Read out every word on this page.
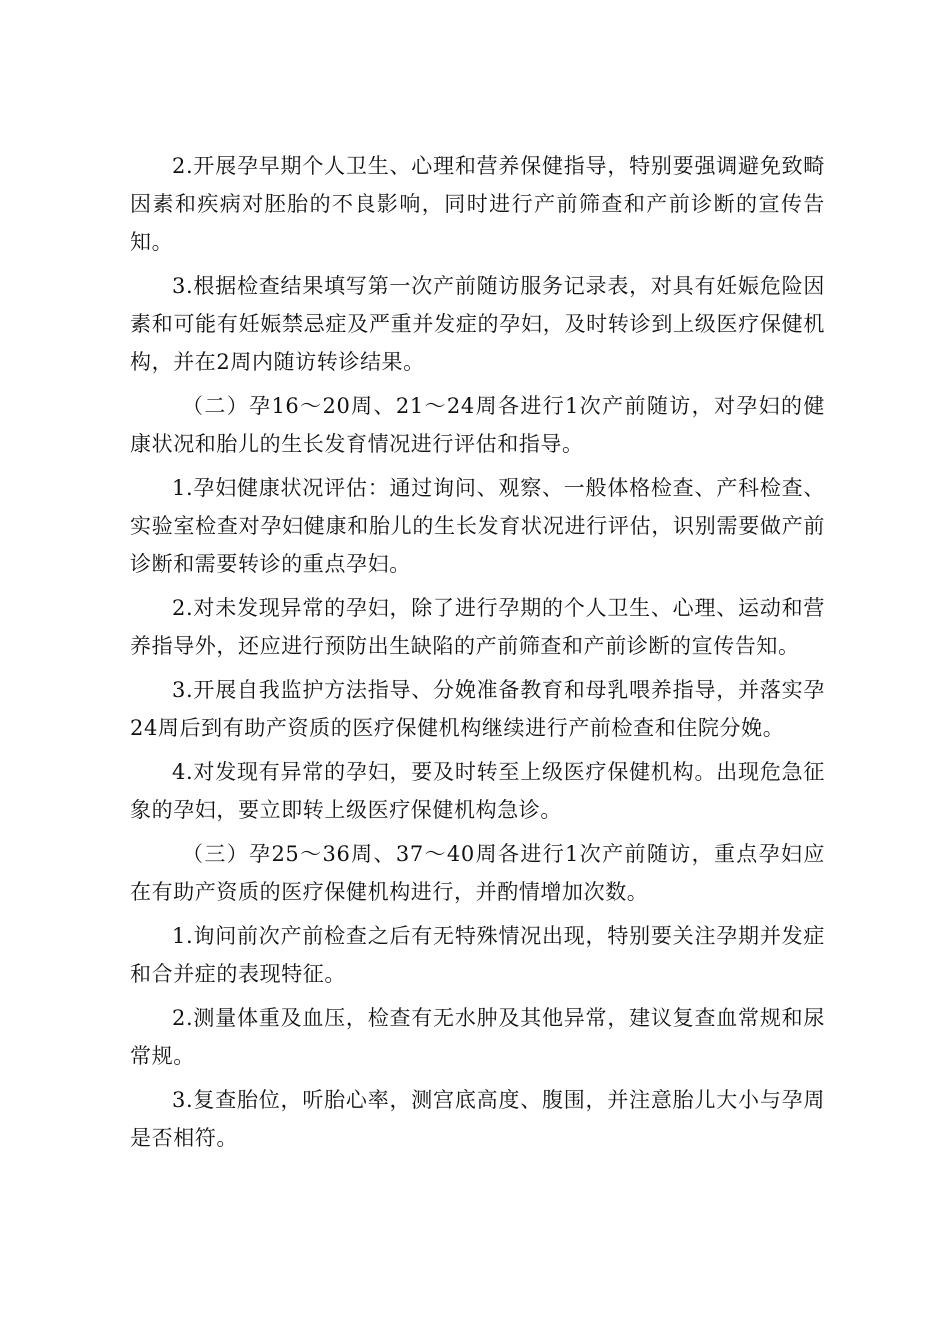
2.开展孕早期个人卫生、心理和营养保健指导，特别要强调避免致畸因素和疾病对胚胎的不良影响，同时进行产前筛查和产前诊断的宣传告知。

3.根据检查结果填写第一次产前随访服务记录表，对具有妊娠危险因素和可能有妊娠禁忌症及严重并发症的孕妇，及时转诊到上级医疗保健机构，并在2周内随访转诊结果。

（二）孕16～20周、21～24周各进行1次产前随访，对孕妇的健康状况和胎儿的生长发育情况进行评估和指导。

1.孕妇健康状况评估：通过询问、观察、一般体格检查、产科检查、实验室检查对孕妇健康和胎儿的生长发育状况进行评估，识别需要做产前诊断和需要转诊的重点孕妇。

2.对未发现异常的孕妇，除了进行孕期的个人卫生、心理、运动和营养指导外，还应进行预防出生缺陷的产前筛查和产前诊断的宣传告知。

3.开展自我监护方法指导、分娩准备教育和母乳喂养指导，并落实孕24周后到有助产资质的医疗保健机构继续进行产前检查和住院分娩。

4.对发现有异常的孕妇，要及时转至上级医疗保健机构。出现危急征象的孕妇，要立即转上级医疗保健机构急诊。

（三）孕25～36周、37～40周各进行1次产前随访，重点孕妇应在有助产资质的医疗保健机构进行，并酌情增加次数。

1.询问前次产前检查之后有无特殊情况出现，特别要关注孕期并发症和合并症的表现特征。

2.测量体重及血压，检查有无水肿及其他异常，建议复查血常规和尿常规。

3.复查胎位，听胎心率，测宫底高度、腹围，并注意胎儿大小与孕周是否相符。
